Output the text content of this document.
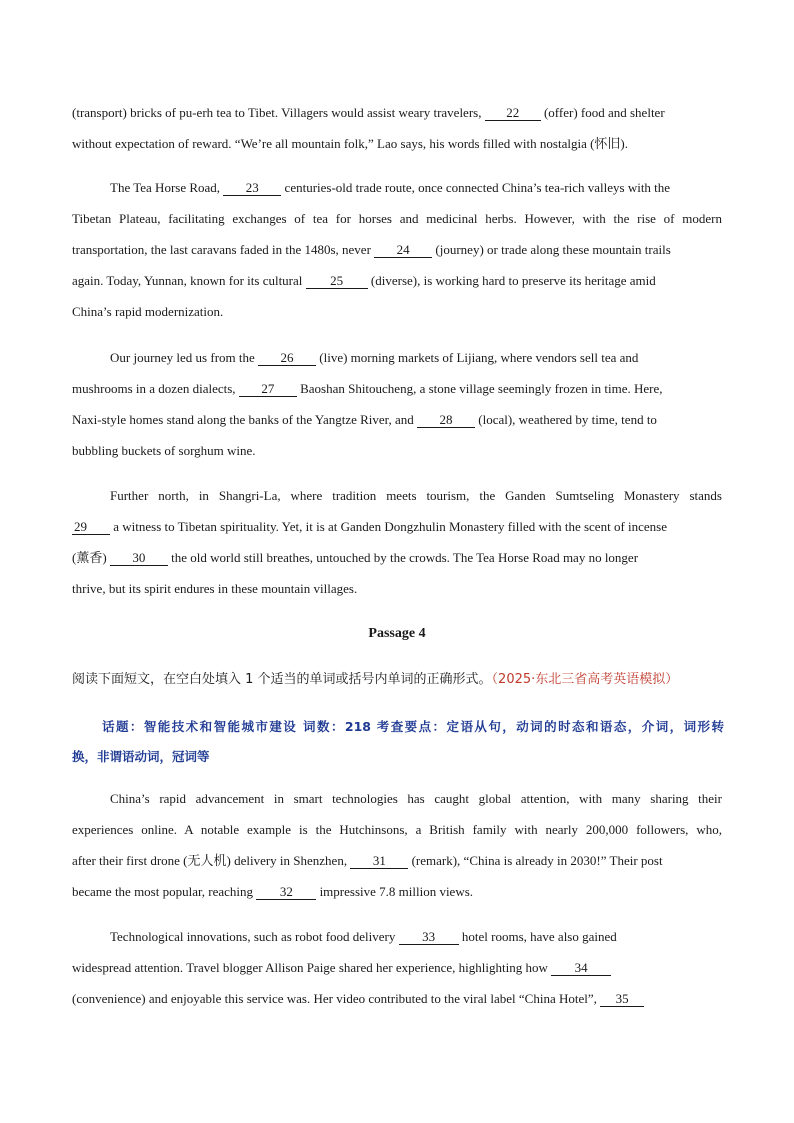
(transport) bricks of pu-erh tea to Tibet. Villagers would assist weary travelers, 22 (offer) food and shelter
without expectation of reward. “We’re all mountain folk,” Lao says, his words filled with nostalgia (怀旧).
The Tea Horse Road, 23 centuries-old trade route, once connected China’s tea-rich valleys with the
Tibetan Plateau, facilitating exchanges of tea for horses and medicinal herbs. However, with the rise of modern
transportation, the last caravans faded in the 1480s, never 24 (journey) or trade along these mountain trails
again. Today, Yunnan, known for its cultural 25 (diverse), is working hard to preserve its heritage amid
China’s rapid modernization.
Our journey led us from the 26 (live) morning markets of Lijiang, where vendors sell tea and
mushrooms in a dozen dialects, 27 Baoshan Shitoucheng, a stone village seemingly frozen in time. Here,
Naxi-style homes stand along the banks of the Yangtze River, and 28 (local), weathered by time, tend to
bubbling buckets of sorghum wine.
Further north, in Shangri-La, where tradition meets tourism, the Ganden Sumtseling Monastery stands
29 a witness to Tibetan spirituality. Yet, it is at Ganden Dongzhulin Monastery filled with the scent of incense
(薰香) 30 the old world still breathes, untouched by the crowds. The Tea Horse Road may no longer
thrive, but its spirit endures in these mountain villages.
Passage 4
阅读下面短文，在空白处填入 1 个适当的单词或括号内单词的正确形式。（2025·东北三省高考英语模拟）
话题：智能技术和智能城市建设 词数：218 考查要点：定语从句，动词的时态和语态，介词，词形转
换，非谓语动词，冠词等
China’s rapid advancement in smart technologies has caught global attention, with many sharing their
experiences online. A notable example is the Hutchinsons, a British family with nearly 200,000 followers, who,
after their first drone (无人机) delivery in Shenzhen, 31 (remark), “China is already in 2030!” Their post
became the most popular, reaching 32 impressive 7.8 million views.
Technological innovations, such as robot food delivery 33 hotel rooms, have also gained
widespread attention. Travel blogger Allison Paige shared her experience, highlighting how 34
(convenience) and enjoyable this service was. Her video contributed to the viral label “China Hotel”, 35
